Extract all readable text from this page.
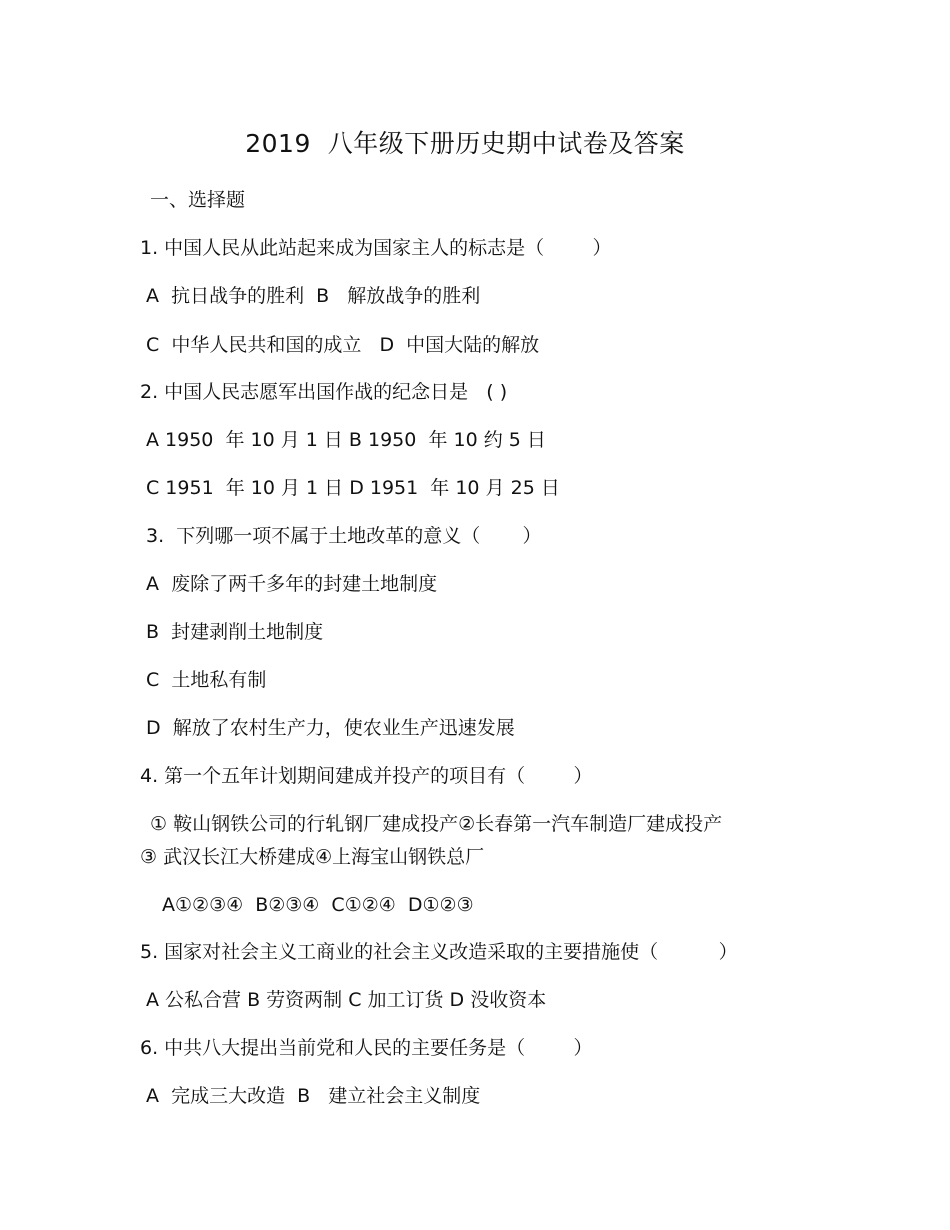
2019  八年级下册历史期中试卷及答案
一、选择题
1. 中国人民从此站起来成为国家主人的标志是（        ）
A  抗日战争的胜利  B   解放战争的胜利
C  中华人民共和国的成立   D  中国大陆的解放
2. 中国人民志愿军出国作战的纪念日是   ( )
A 1950  年 10 月 1 日 B 1950  年 10 约 5 日
C 1951  年 10 月 1 日 D 1951  年 10 月 25 日
3.  下列哪一项不属于土地改革的意义（       ）
A  废除了两千多年的封建土地制度
B  封建剥削土地制度
C  土地私有制
D  解放了农村生产力，使农业生产迅速发展
4. 第一个五年计划期间建成并投产的项目有（        ）
① 鞍山钢铁公司的行轧钢厂建成投产②长春第一汽车制造厂建成投产
③ 武汉长江大桥建成④上海宝山钢铁总厂
A①②③④  B②③④  C①②④  D①②③
5. 国家对社会主义工商业的社会主义改造采取的主要措施使（          ）
A 公私合营 B 劳资两制 C 加工订货 D 没收资本
6. 中共八大提出当前党和人民的主要任务是（        ）
A  完成三大改造  B   建立社会主义制度
